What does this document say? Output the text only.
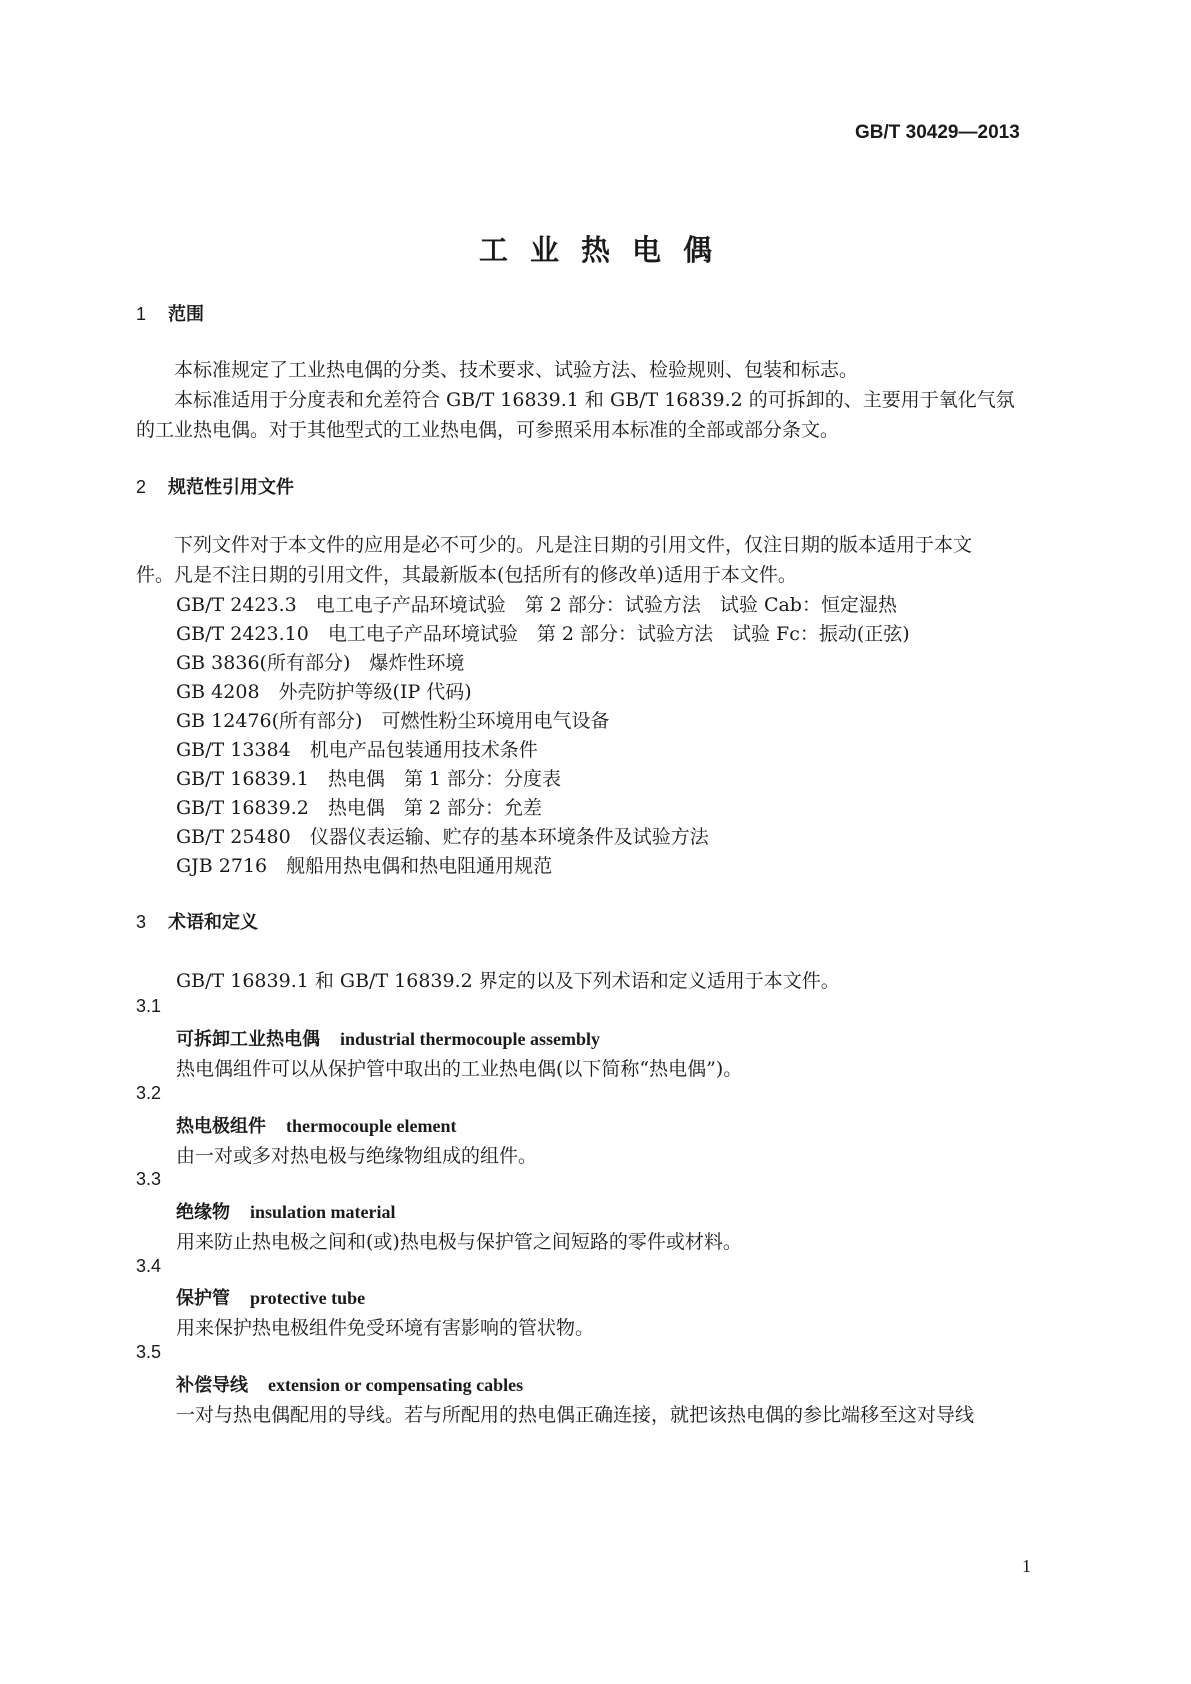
GB/T 30429—2013
工业热电偶
1 范围
本标准规定了工业热电偶的分类、技术要求、试验方法、检验规则、包装和标志。
本标准适用于分度表和允差符合 GB/T 16839.1 和 GB/T 16839.2 的可拆卸的、主要用于氧化气氛
的工业热电偶。对于其他型式的工业热电偶，可参照采用本标准的全部或部分条文。
2 规范性引用文件
下列文件对于本文件的应用是必不可少的。凡是注日期的引用文件，仅注日期的版本适用于本文
件。凡是不注日期的引用文件，其最新版本(包括所有的修改单)适用于本文件。
GB/T 2423.3　电工电子产品环境试验　第 2 部分：试验方法　试验 Cab：恒定湿热
GB/T 2423.10　电工电子产品环境试验　第 2 部分：试验方法　试验 Fc：振动(正弦)
GB 3836(所有部分)　爆炸性环境
GB 4208　外壳防护等级(IP 代码)
GB 12476(所有部分)　可燃性粉尘环境用电气设备
GB/T 13384　机电产品包装通用技术条件
GB/T 16839.1　热电偶　第 1 部分：分度表
GB/T 16839.2　热电偶　第 2 部分：允差
GB/T 25480　仪器仪表运输、贮存的基本环境条件及试验方法
GJB 2716　舰船用热电偶和热电阻通用规范
3 术语和定义
GB/T 16839.1 和 GB/T 16839.2 界定的以及下列术语和定义适用于本文件。
3.1
可拆卸工业热电偶 industrial thermocouple assembly
热电偶组件可以从保护管中取出的工业热电偶(以下简称“热电偶”)。
3.2
热电极组件 thermocouple element
由一对或多对热电极与绝缘物组成的组件。
3.3
绝缘物 insulation material
用来防止热电极之间和(或)热电极与保护管之间短路的零件或材料。
3.4
保护管 protective tube
用来保护热电极组件免受环境有害影响的管状物。
3.5
补偿导线 extension or compensating cables
一对与热电偶配用的导线。若与所配用的热电偶正确连接，就把该热电偶的参比端移至这对导线
1
